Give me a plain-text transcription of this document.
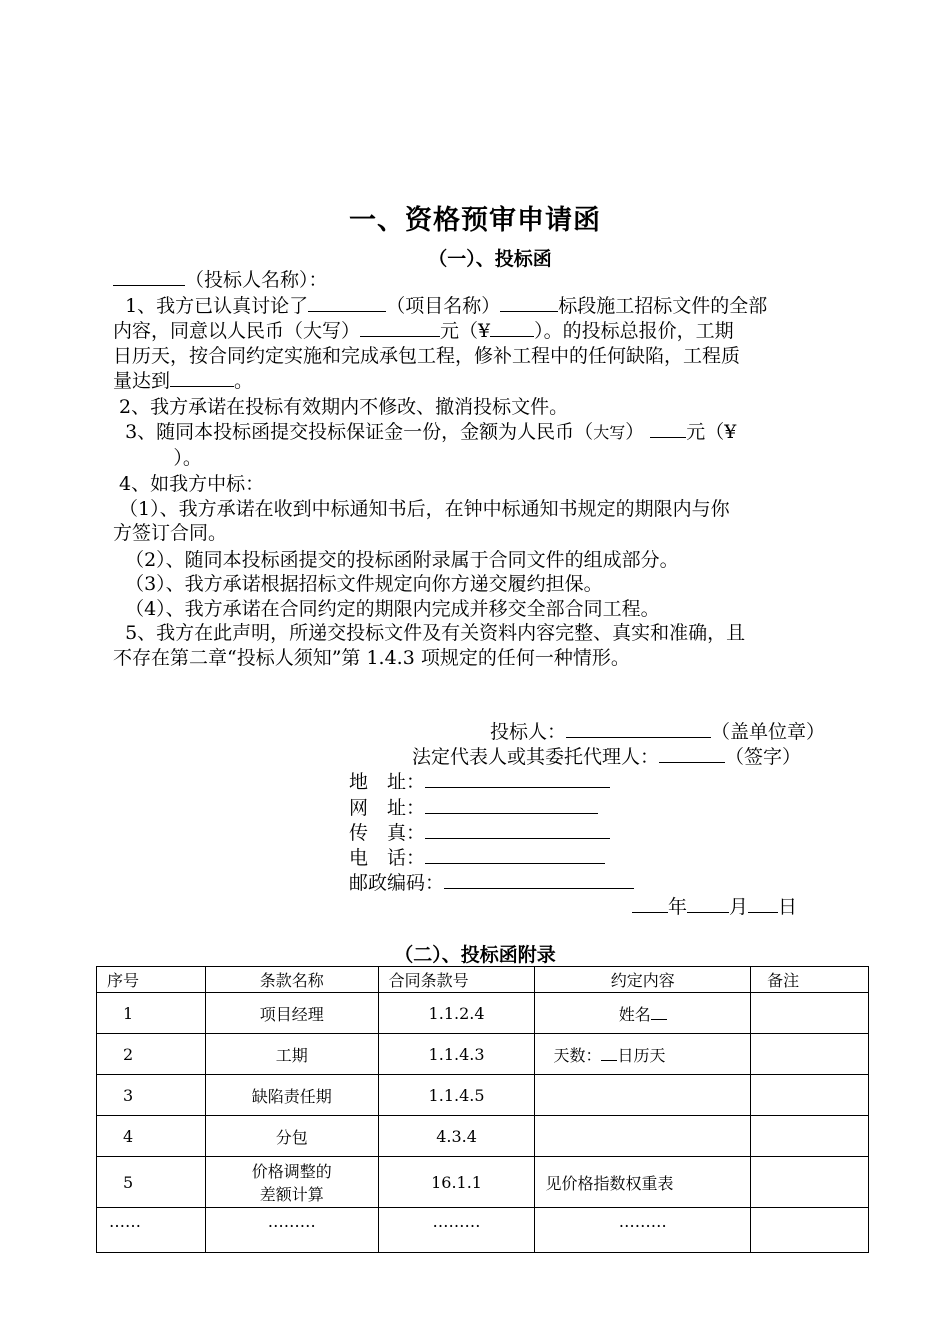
一、资格预审申请函
（一）、投标函

（投标人名称）：

1、我方已认真讨论了	（项目名称）	标段施工招标文件的全部

内容，同意以人民币（大写）	元（¥ ）。的投标总报价，工期

日历天，按合同约定实施和完成承包工程，修补工程中的任何缺陷，工程质

量达到	。

2、我方承诺在投标有效期内不修改、撤消投标文件。

3、随同本投标函提交投标保证金一份，金额为人民币（大写） 元（¥

）。

4、如我方中标：

（1）、我方承诺在收到中标通知书后，在钟中标通知书规定的期限内与你

方签订合同。

（2）、随同本投标函提交的投标函附录属于合同文件的组成部分。

（3）、我方承诺根据招标文件规定向你方递交履约担保。

（4）、我方承诺在合同约定的期限内完成并移交全部合同工程。

5、我方在此声明，所递交投标文件及有关资料内容完整、真实和准确，且

不存在第二章“投标人须知”第 1.4.3 项规定的任何一种情形。

投标人：	（盖单位章）
法定代表人或其委托代理人：	（签字）
地　址：
网　址：
传　真：
电　话：
邮政编码：
年 月 日
（二）、投标函附录
序号	条款名称	合同条款号	约定内容	备注
1	项目经理	1.1.2.4	姓名	
2	工期	1.1.4.3	天数： 日历天	
3	缺陷责任期	1.1.4.5		
4	分包	4.3.4		
5	价格调整的
差额计算	16.1.1	见价格指数权重表	
……	………	………	………	
